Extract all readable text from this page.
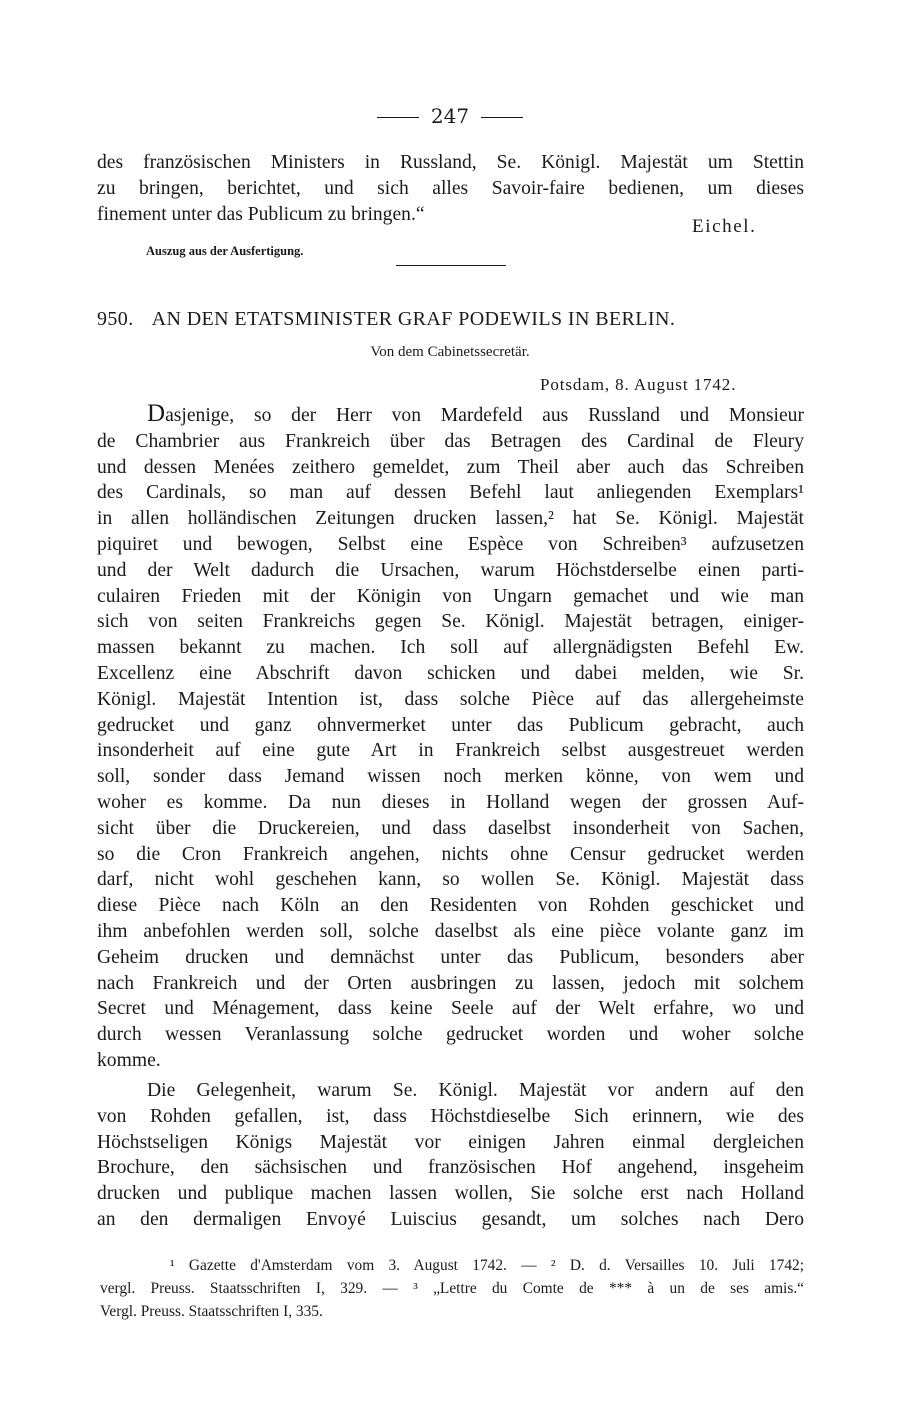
247
des französischen Ministers in Russland, Se. Königl. Majestät um Stettin
zu bringen, berichtet, und sich alles Savoir-faire bedienen, um dieses
finement unter das Publicum zu bringen.“
Eichel.
Auszug aus der Ausfertigung.
950. AN DEN ETATSMINISTER GRAF PODEWILS IN BERLIN.
Von dem Cabinetssecretär.
Potsdam, 8. August 1742.
Dasjenige, so der Herr von Mardefeld aus Russland und Monsieur
de Chambrier aus Frankreich über das Betragen des Cardinal de Fleury
und dessen Menées zeithero gemeldet, zum Theil aber auch das Schreiben
des Cardinals, so man auf dessen Befehl laut anliegenden Exemplars¹
in allen holländischen Zeitungen drucken lassen,² hat Se. Königl. Majestät
piquiret und bewogen, Selbst eine Espèce von Schreiben³ aufzusetzen
und der Welt dadurch die Ursachen, warum Höchstderselbe einen parti-
culairen Frieden mit der Königin von Ungarn gemachet und wie man
sich von seiten Frankreichs gegen Se. Königl. Majestät betragen, einiger-
massen bekannt zu machen. Ich soll auf allergnädigsten Befehl Ew.
Excellenz eine Abschrift davon schicken und dabei melden, wie Sr.
Königl. Majestät Intention ist, dass solche Pièce auf das allergeheimste
gedrucket und ganz ohnvermerket unter das Publicum gebracht, auch
insonderheit auf eine gute Art in Frankreich selbst ausgestreuet werden
soll, sonder dass Jemand wissen noch merken könne, von wem und
woher es komme. Da nun dieses in Holland wegen der grossen Auf-
sicht über die Druckereien, und dass daselbst insonderheit von Sachen,
so die Cron Frankreich angehen, nichts ohne Censur gedrucket werden
darf, nicht wohl geschehen kann, so wollen Se. Königl. Majestät dass
diese Pièce nach Köln an den Residenten von Rohden geschicket und
ihm anbefohlen werden soll, solche daselbst als eine pièce volante ganz im
Geheim drucken und demnächst unter das Publicum, besonders aber
nach Frankreich und der Orten ausbringen zu lassen, jedoch mit solchem
Secret und Ménagement, dass keine Seele auf der Welt erfahre, wo und
durch wessen Veranlassung solche gedrucket worden und woher solche
komme.
Die Gelegenheit, warum Se. Königl. Majestät vor andern auf den
von Rohden gefallen, ist, dass Höchstdieselbe Sich erinnern, wie des
Höchstseligen Königs Majestät vor einigen Jahren einmal dergleichen
Brochure, den sächsischen und französischen Hof angehend, insgeheim
drucken und publique machen lassen wollen, Sie solche erst nach Holland
an den dermaligen Envoyé Luiscius gesandt, um solches nach Dero
¹ Gazette d'Amsterdam vom 3. August 1742. — ² D. d. Versailles 10. Juli 1742;
vergl. Preuss. Staatsschriften I, 329. — ³ „Lettre du Comte de *** à un de ses amis.“
Vergl. Preuss. Staatsschriften I, 335.
